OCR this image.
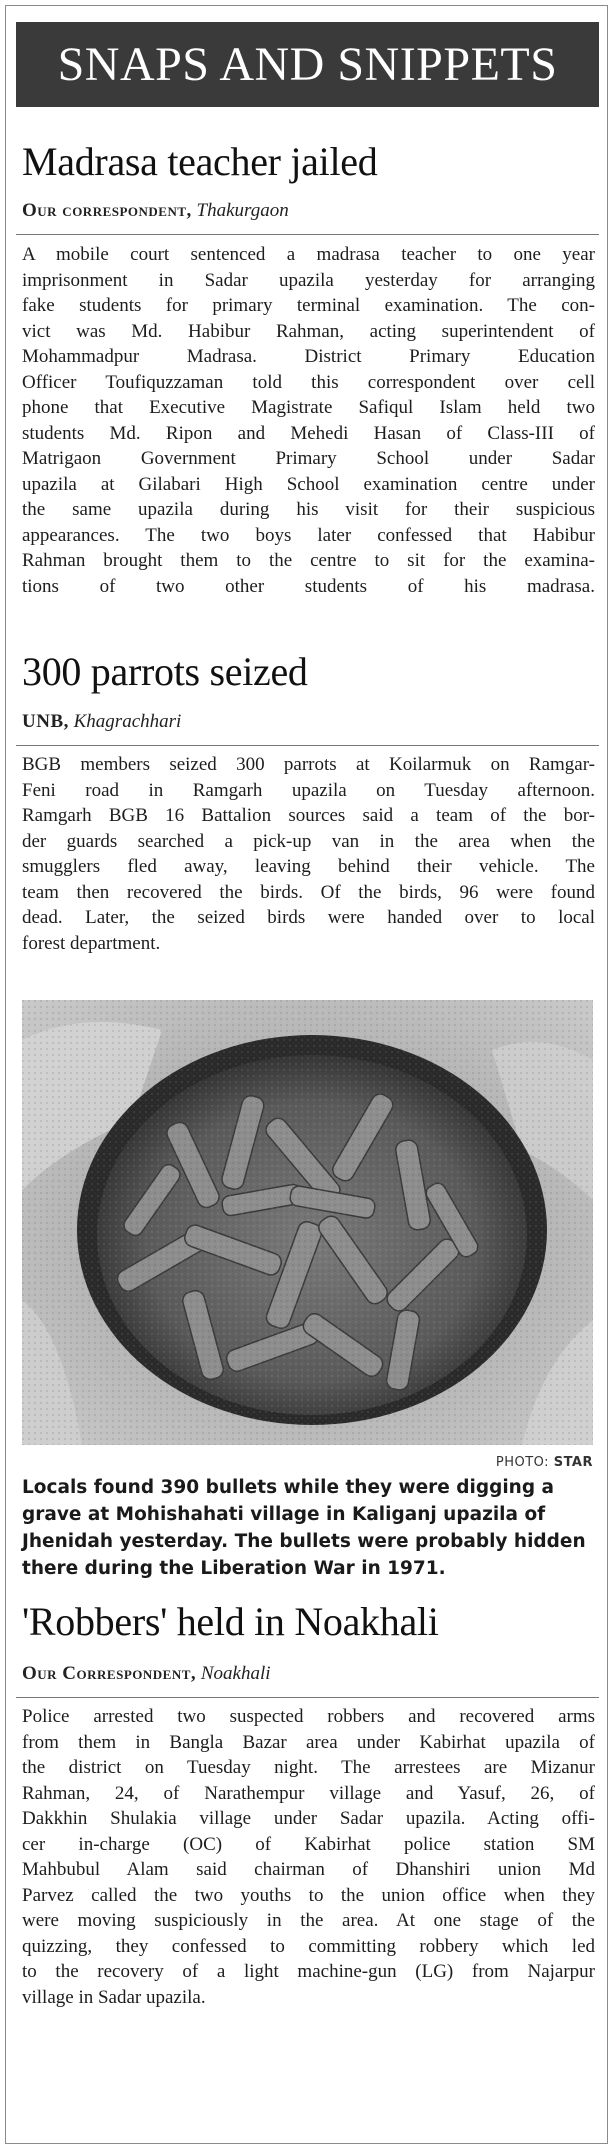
SNAPS AND SNIPPETS
Madrasa teacher jailed
Our correspondent, Thakurgaon

A mobile court sentenced a madrasa teacher to one year

imprisonment in Sadar upazila yesterday for arranging

fake students for primary terminal examination. The con-

vict was Md. Habibur Rahman, acting superintendent of

Mohammadpur Madrasa. District Primary Education

Officer Toufiquzzaman told this correspondent over cell

phone that Executive Magistrate Safiqul Islam held two

students Md. Ripon and Mehedi Hasan of Class-III of

Matrigaon Government Primary School under Sadar

upazila at Gilabari High School examination centre under

the same upazila during his visit for their suspicious

appearances. The two boys later confessed that Habibur

Rahman brought them to the centre to sit for the examina-

tions of two other students of his madrasa.

300 parrots seized
UNB, Khagrachhari

BGB members seized 300 parrots at Koilarmuk on Ramgar-

Feni road in Ramgarh upazila on Tuesday afternoon.

Ramgarh BGB 16 Battalion sources said a team of the bor-

der guards searched a pick-up van in the area when the

smugglers fled away, leaving behind their vehicle. The

team then recovered the birds. Of the birds, 96 were found

dead. Later, the seized birds were handed over to local

forest department.

PHOTO: STAR
Locals found 390 bullets while they were digging a grave at Mohishahati village in Kaliganj upazila of Jhenidah yesterday. The bullets were probably hidden there during the Liberation War in 1971.
'Robbers' held in Noakhali
Our Correspondent, Noakhali

Police arrested two suspected robbers and recovered arms

from them in Bangla Bazar area under Kabirhat upazila of

the district on Tuesday night. The arrestees are Mizanur

Rahman, 24, of Narathempur village and Yasuf, 26, of

Dakkhin Shulakia village under Sadar upazila. Acting offi-

cer in-charge (OC) of Kabirhat police station SM

Mahbubul Alam said chairman of Dhanshiri union Md

Parvez called the two youths to the union office when they

were moving suspiciously in the area. At one stage of the

quizzing, they confessed to committing robbery which led

to the recovery of a light machine-gun (LG) from Najarpur

village in Sadar upazila.
